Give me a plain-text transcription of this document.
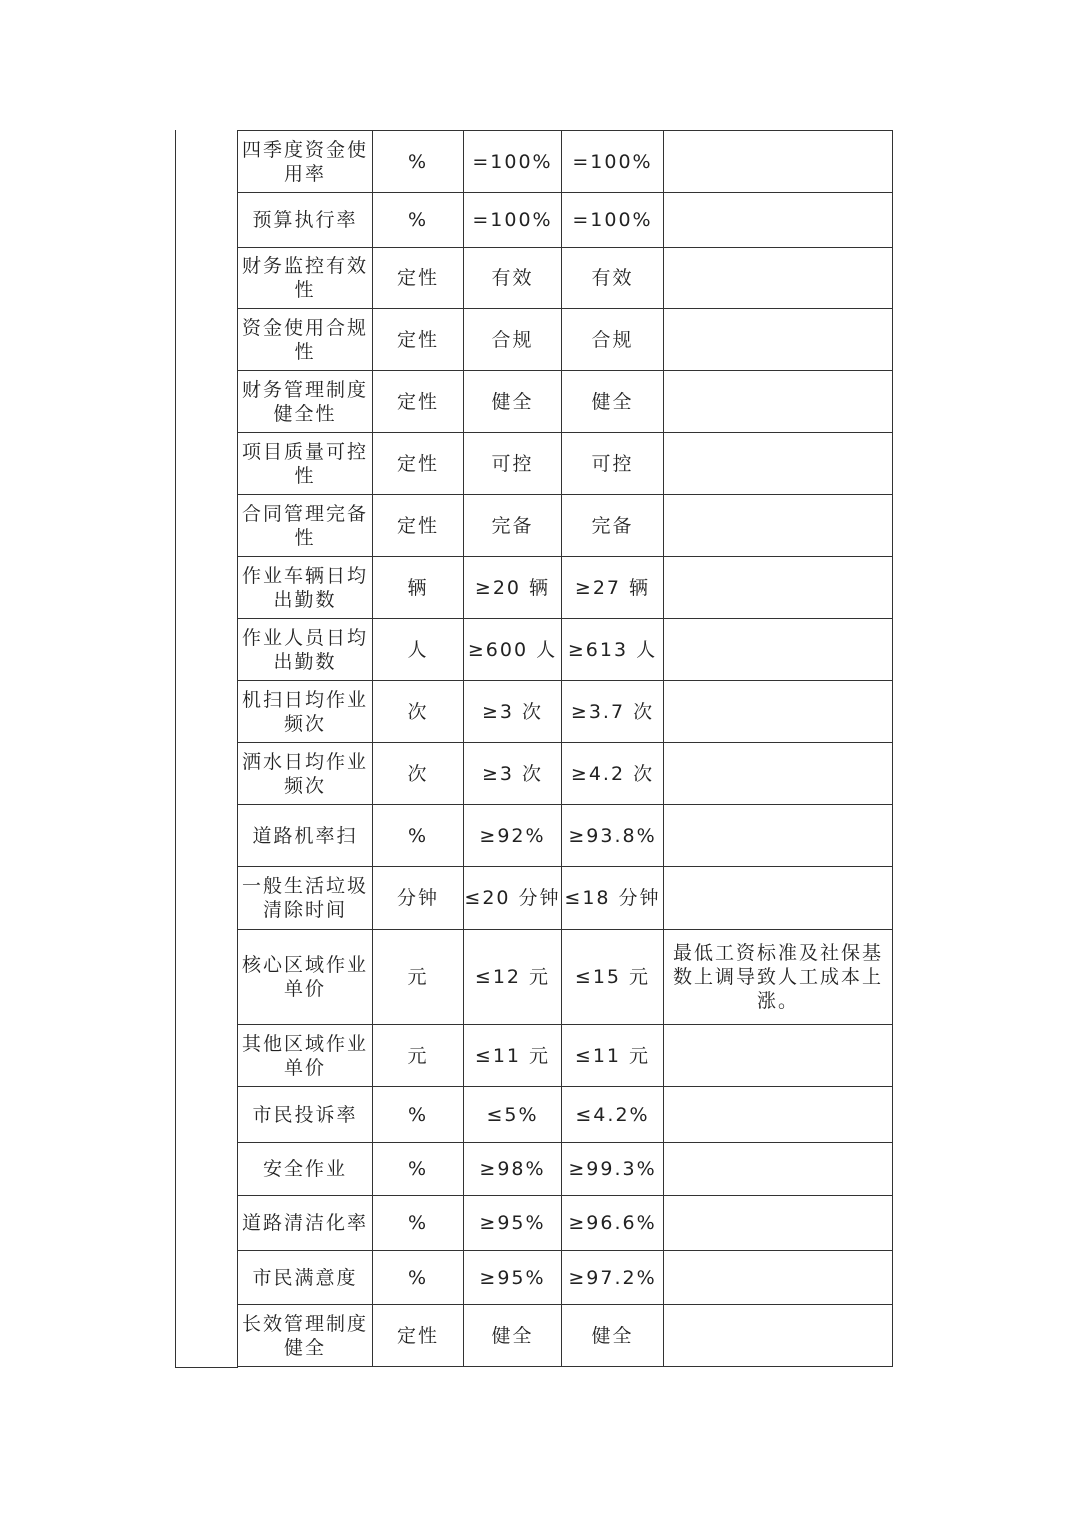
四季度资金使用率	%	=100%	=100%	
预算执行率	%	=100%	=100%	
财务监控有效性	定性	有效	有效	
资金使用合规性	定性	合规	合规	
财务管理制度健全性	定性	健全	健全	
项目质量可控性	定性	可控	可控	
合同管理完备性	定性	完备	完备	
作业车辆日均出勤数	辆	≥20 辆	≥27 辆	
作业人员日均出勤数	人	≥600 人	≥613 人	
机扫日均作业频次	次	≥3 次	≥3.7 次	
洒水日均作业频次	次	≥3 次	≥4.2 次	
道路机率扫	%	≥92%	≥93.8%	
一般生活垃圾清除时间	分钟	≤20 分钟	≤18 分钟	
核心区域作业单价	元	≤12 元	≤15 元	最低工资标准及社保基数上调导致人工成本上涨。
其他区域作业单价	元	≤11 元	≤11 元	
市民投诉率	%	≤5%	≤4.2%	
安全作业	%	≥98%	≥99.3%	
道路清洁化率	%	≥95%	≥96.6%	
市民满意度	%	≥95%	≥97.2%	
长效管理制度健全	定性	健全	健全	
